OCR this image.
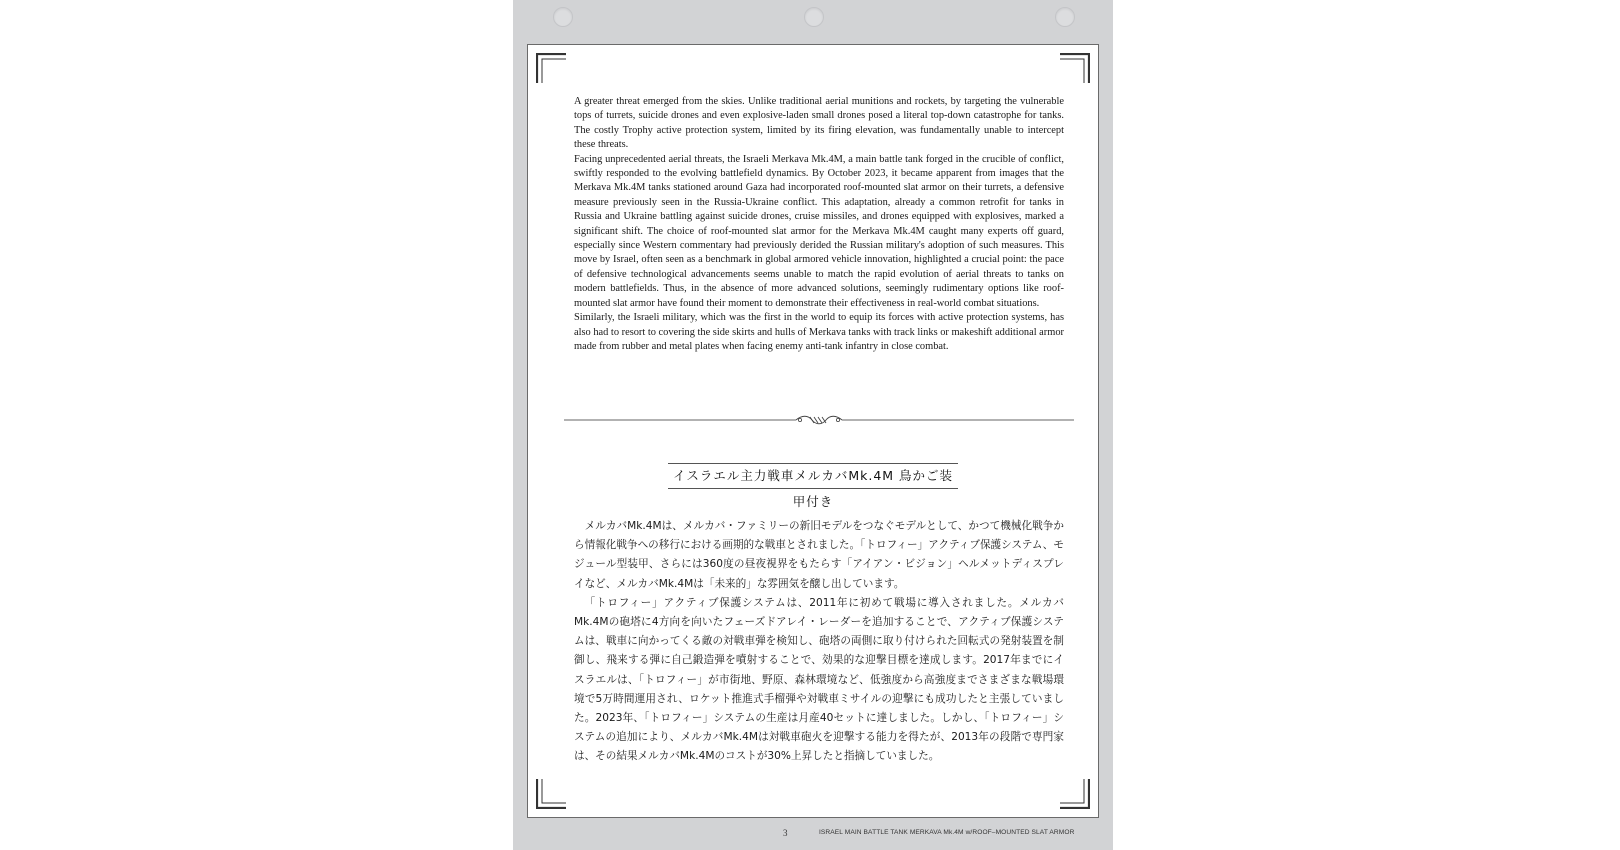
A greater threat emerged from the skies. Unlike traditional aerial munitions and rockets, by targeting the vulnerable tops of turrets, suicide drones and even explosive-laden small drones posed a literal top-down catastrophe for tanks. The costly Trophy active protection system, limited by its firing elevation, was fundamentally unable to intercept these threats.

Facing unprecedented aerial threats, the Israeli Merkava Mk.4M, a main battle tank forged in the crucible of conflict, swiftly responded to the evolving battlefield dynamics. By October 2023, it became apparent from images that the Merkava Mk.4M tanks stationed around Gaza had incorporated roof-mounted slat armor on their turrets, a defensive measure previously seen in the Russia-Ukraine conflict. This adaptation, already a common retrofit for tanks in Russia and Ukraine battling against suicide drones, cruise missiles, and drones equipped with explosives, marked a significant shift. The choice of roof-mounted slat armor for the Merkava Mk.4M caught many experts off guard, especially since Western commentary had previously derided the Russian military's adoption of such measures. This move by Israel, often seen as a benchmark in global armored vehicle innovation, highlighted a crucial point: the pace of defensive technological advancements seems unable to match the rapid evolution of aerial threats to tanks on modern battlefields. Thus, in the absence of more advanced solutions, seemingly rudimentary options like roof-mounted slat armor have found their moment to demonstrate their effectiveness in real-world combat situations.

Similarly, the Israeli military, which was the first in the world to equip its forces with active protection systems, has also had to resort to covering the side skirts and hulls of Merkava tanks with track links or makeshift additional armor made from rubber and metal plates when facing enemy anti-tank infantry in close combat.

イスラエル主力戦車メルカバMk.4M 鳥かご装甲付き

メルカバMk.4Mは、メルカバ・ファミリーの新旧モデルをつなぐモデルとして、かつて機械化戦争から情報化戦争への移行における画期的な戦車とされました。「トロフィー」アクティブ保護システム、モジュール型装甲、さらには360度の昼夜視界をもたらす「アイアン・ビジョン」ヘルメットディスプレイなど、メルカバMk.4Mは「未来的」な雰囲気を醸し出しています。

「トロフィー」アクティブ保護システムは、2011年に初めて戦場に導入されました。メルカバMk.4Mの砲塔に4方向を向いたフェーズドアレイ・レーダーを追加することで、アクティブ保護システムは、戦車に向かってくる敵の対戦車弾を検知し、砲塔の両側に取り付けられた回転式の発射装置を制御し、飛来する弾に自己鍛造弾を噴射することで、効果的な迎撃目標を達成します。2017年までにイスラエルは、「トロフィー」が市街地、野原、森林環境など、低強度から高強度までさまざまな戦場環境で5万時間運用され、ロケット推進式手榴弾や対戦車ミサイルの迎撃にも成功したと主張していました。2023年、「トロフィー」システムの生産は月産40セットに達しました。しかし、「トロフィー」システムの追加により、メルカバMk.4Mは対戦車砲火を迎撃する能力を得たが、2013年の段階で専門家は、その結果メルカバMk.4Mのコストが30%上昇したと指摘していました。

3	ISRAEL MAIN BATTLE TANK MERKAVA Mk.4M w/ROOF–MOUNTED SLAT ARMOR
